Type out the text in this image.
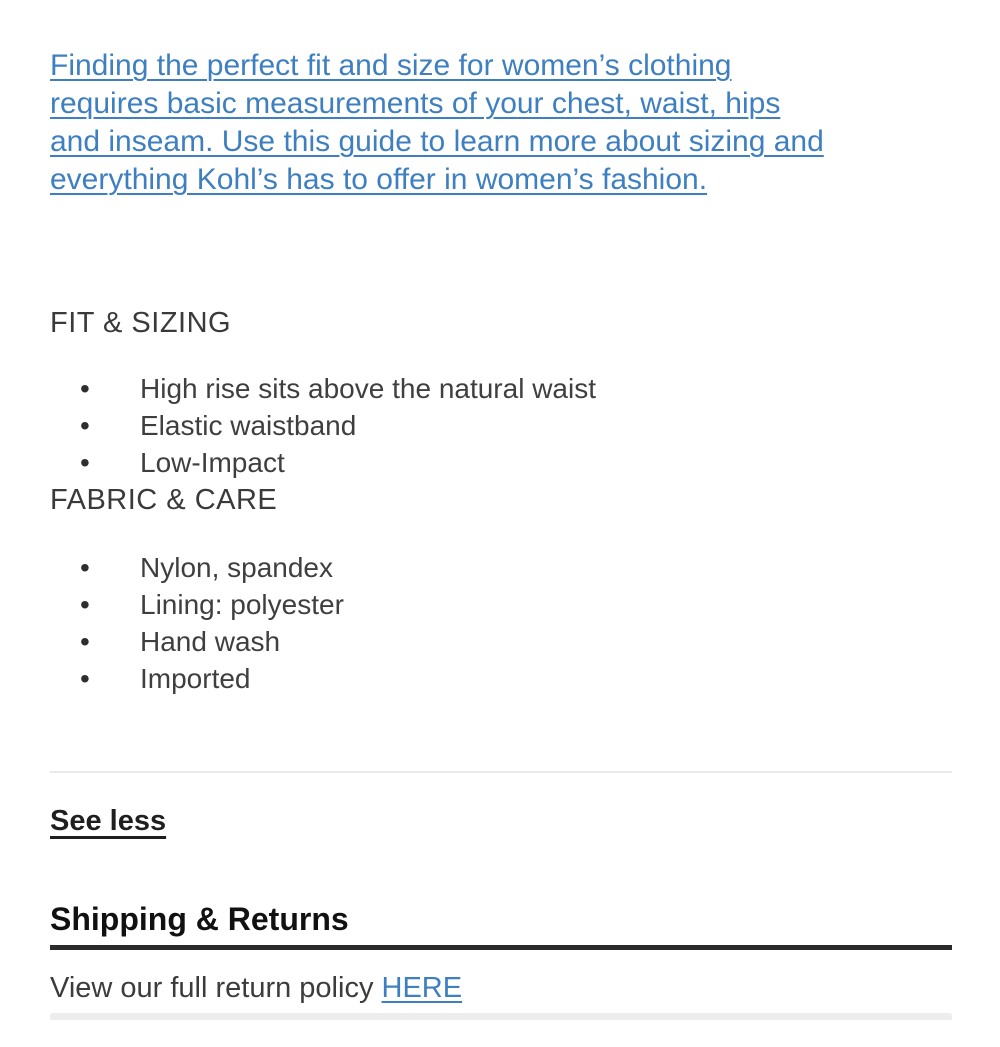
Finding the perfect fit and size for women’s clothing
requires basic measurements of your chest, waist, hips
and inseam. Use this guide to learn more about sizing and
everything Kohl’s has to offer in women’s fashion.
FIT & SIZING
• High rise sits above the natural waist
• Elastic waistband
• Low-Impact
FABRIC & CARE
• Nylon, spandex
• Lining: polyester
• Hand wash
• Imported
See less
Shipping & Returns
View our full return policy HERE
